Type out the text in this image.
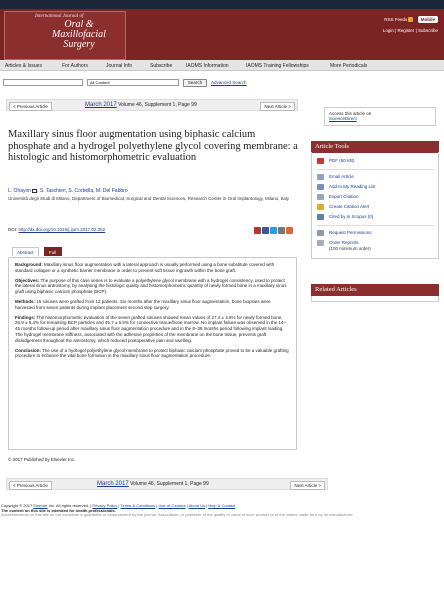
International Journal of
Oral &
Maxillofacial
Surgery
RSS Feeds	Mobile
Login | Register | Subscribe
Articles & Issues	For Authors	Journal Info	Subscribe	IAOMS Information	IAOMS Training Fellowships	More Periodicals
All Content
Search	Advanced Search
< Previous Article	March 2017 Volume 46, Supplement 1, Page 99	Next Article >
Maxillary sinus floor augmentation using biphasic calcium phosphate and a hydrogel polyethylene glycol covering membrane: a histologic and histomorphometric evaluation
L. Ohayon , S. Taschieri, S. Corbella, M. Del Fabbro
Università degli Studi di Milano, Department of Biomedical, Surgical and Dental Sciences, Research Center in Oral Implantology, Milano, Italy
DOI: http://dx.doi.org/10.1016/j.ijom.2017.02.352
Abstract	Full Text

Background: Maxillary sinus floor augmentation with a lateral approach is usually performed using a bone substitute covered with standard collagen or a synthetic barrier membrane in order to prevent soft tissue ingrowth within the bone graft.

Objectives: The purpose of this case series is to evaluate a polyethylene glycol membrane with a hydrogel consistency, used to protect the lateral sinus antrostomy, by analysing the histologic quality and histomorphometric quantity of newly formed bone in a maxillary sinus graft using biphasic calcium phosphate (BCP).

Methods: 15 sinuses were grafted from 12 patients. Six months after the maxillary sinus floor augmentation, bone biopsies were harvested from seven patients during implant placement second step surgery.

Findings: The histomorphometric evaluation of the seven grafted sinuses showed mean values of 27.4 ± 4.6% for newly formed bone, 26.9 ± 5.4% for remaining BCP particles and 45.7 ± 6.5% for connective tissue/bone marrow. No implant failure was observed in the 14–45 months follow-up period after maxillary sinus floor augmentation procedure and in the 8–39 months period following implant loading. The hydrogel membrane stiffness, associated with the adhesive properties of the membrane on the bone tissue, prevents graft dislodgement throughout the antrostomy, which reduced postoperative pain and swelling.

Conclusion: The use of a hydrogel polyethylene glycol membrane to protect biphasic calcium phosphate proved to be a valuable grafting procedure to enhance the vital bone formation in the maxillary sinus floor augmentation procedure.

© 2017 Published by Elsevier Inc.
< Previous Article	March 2017 Volume 46, Supplement 1, Page 99	Next Article >
Copyright © 2017 Elsevier Inc. All rights reserved. | Privacy Policy | Terms & Conditions | Use of Cookies | About Us | Help & Contact
The content on this site is intended for health professionals.
Advertisements on this site do not constitute a guarantee or endorsement by the journal, Association, or publisher of the quality or value of such product or of the claims made for it by its manufacturer.
Access this article on
ScienceDirect
Article Tools
PDF (50 KB)
Email Article
Add to My Reading List
Export Citation
Create Citation Alert
Cited by in Scopus (0)
Request Permissions
Order Reprints
(100 minimum order)
Related Articles
